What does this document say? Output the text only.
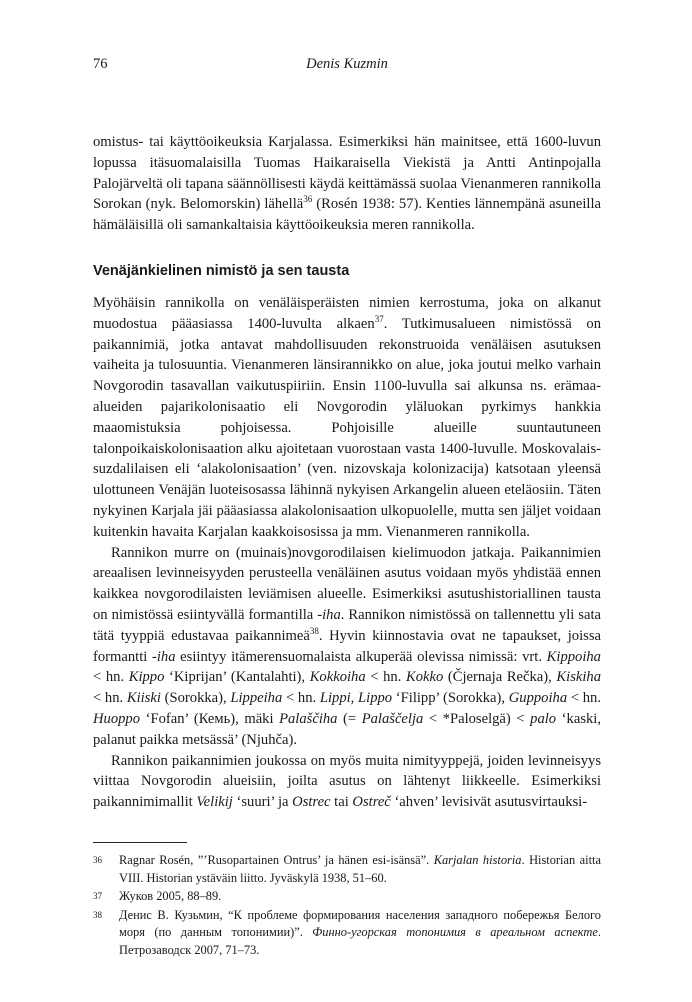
76	Denis Kuzmin

omistus- tai käyttöoikeuksia Karjalassa. Esimerkiksi hän mainitsee, että 1600-luvun lopussa itäsuomalaisilla Tuomas Haikaraisella Viekistä ja Antti Antinpojalla Palojärveltä oli tapana säännöllisesti käydä keittämässä suolaa Vienanmeren rannikolla Sorokan (nyk. Belomorskin) lähellä$^{36}$ (Rosén 1938: 57). Kenties lännempänä asuneilla hämäläisillä oli samankaltaisia käyttöoikeuksia meren rannikolla.

Venäjänkielinen nimistö ja sen tausta

Myöhäisin rannikolla on venäläisperäisten nimien kerrostuma, joka on alkanut muodostua pääasiassa 1400-luvulta alkaen$^{37}$. Tutkimusalueen nimistössä on paikannimiä, jotka antavat mahdollisuuden rekonstruoida venäläisen asutuksen vaiheita ja tulosuuntia. Vienanmeren länsirannikko on alue, joka joutui melko varhain Novgorodin tasavallan vaikutuspiiriin. Ensin 1100-luvulla sai alkunsa ns. erämaa-alueiden pajarikolonisaatio eli Novgorodin yläluokan pyrkimys hankkia maaomistuksia pohjoisessa. Pohjoisille alueille suuntautuneen talonpoikaiskolonisaation alku ajoitetaan vuorostaan vasta 1400-luvulle. Moskovalais-suzdalilaisen eli ‘alakolonisaation’ (ven. nizovskaja kolonizacija) katsotaan yleensä ulottuneen Venäjän luoteisosassa lähinnä nykyisen Arkangelin alueen eteläosiin. Täten nykyinen Karjala jäi pääasiassa alakolonisaation ulkopuolelle, mutta sen jäljet voidaan kuitenkin havaita Karjalan kaakkoisosissa ja mm. Vienanmeren rannikolla.

Rannikon murre on (muinais)novgorodilaisen kielimuodon jatkaja. Paikannimien areaalisen levinneisyyden perusteella venäläinen asutus voidaan myös yhdistää ennen kaikkea novgorodilaisten leviämisen alueelle. Esimerkiksi asutushistoriallinen tausta on nimistössä esiintyvällä formantilla -iha. Rannikon nimistössä on tallennettu yli sata tätä tyyppiä edustavaa paikannimeä$^{38}$. Hyvin kiinnostavia ovat ne tapaukset, joissa formantti -iha esiintyy itämerensuomalaista alkuperää olevissa nimissä: vrt. Kippoiha < hn. Kippo ‘Kiprijan’ (Kantalahti), Kokkoiha < hn. Kokko (Čjernaja Rečka), Kiskiha < hn. Kiiski (Sorokka), Lippeiha < hn. Lippi, Lippo ‘Filipp’ (Sorokka), Guppoiha < hn. Huoppo ‘Fofan’ (Кемь), mäki Palaščiha (= Palaščelja < *Paloselgä) < palo ‘kaski, palanut paikka metsässä’ (Njuhča).

Rannikon paikannimien joukossa on myös muita nimityyppejä, joiden levinneisyys viittaa Novgorodin alueisiin, joilta asutus on lähtenyt liikkeelle. Esimerkiksi paikannimimallit Velikij ‘suuri’ ja Ostrec tai Ostreč ‘ahven’ levisivät asutusvirtauksi-

36	Ragnar Rosén, ”’Rusopartainen Ontrus’ ja hänen esi-isänsä”. Karjalan historia. Historian aitta VIII. Historian ystäväin liitto. Jyväskylä 1938, 51–60.
37	Жуков 2005, 88–89.
38	Денис В. Кузьмин, “К проблеме формирования населения западного побережья Белого моря (по данным топонимии)”. Финно-угорская топонимия в ареальном аспекте. Петрозаводск 2007, 71–73.
